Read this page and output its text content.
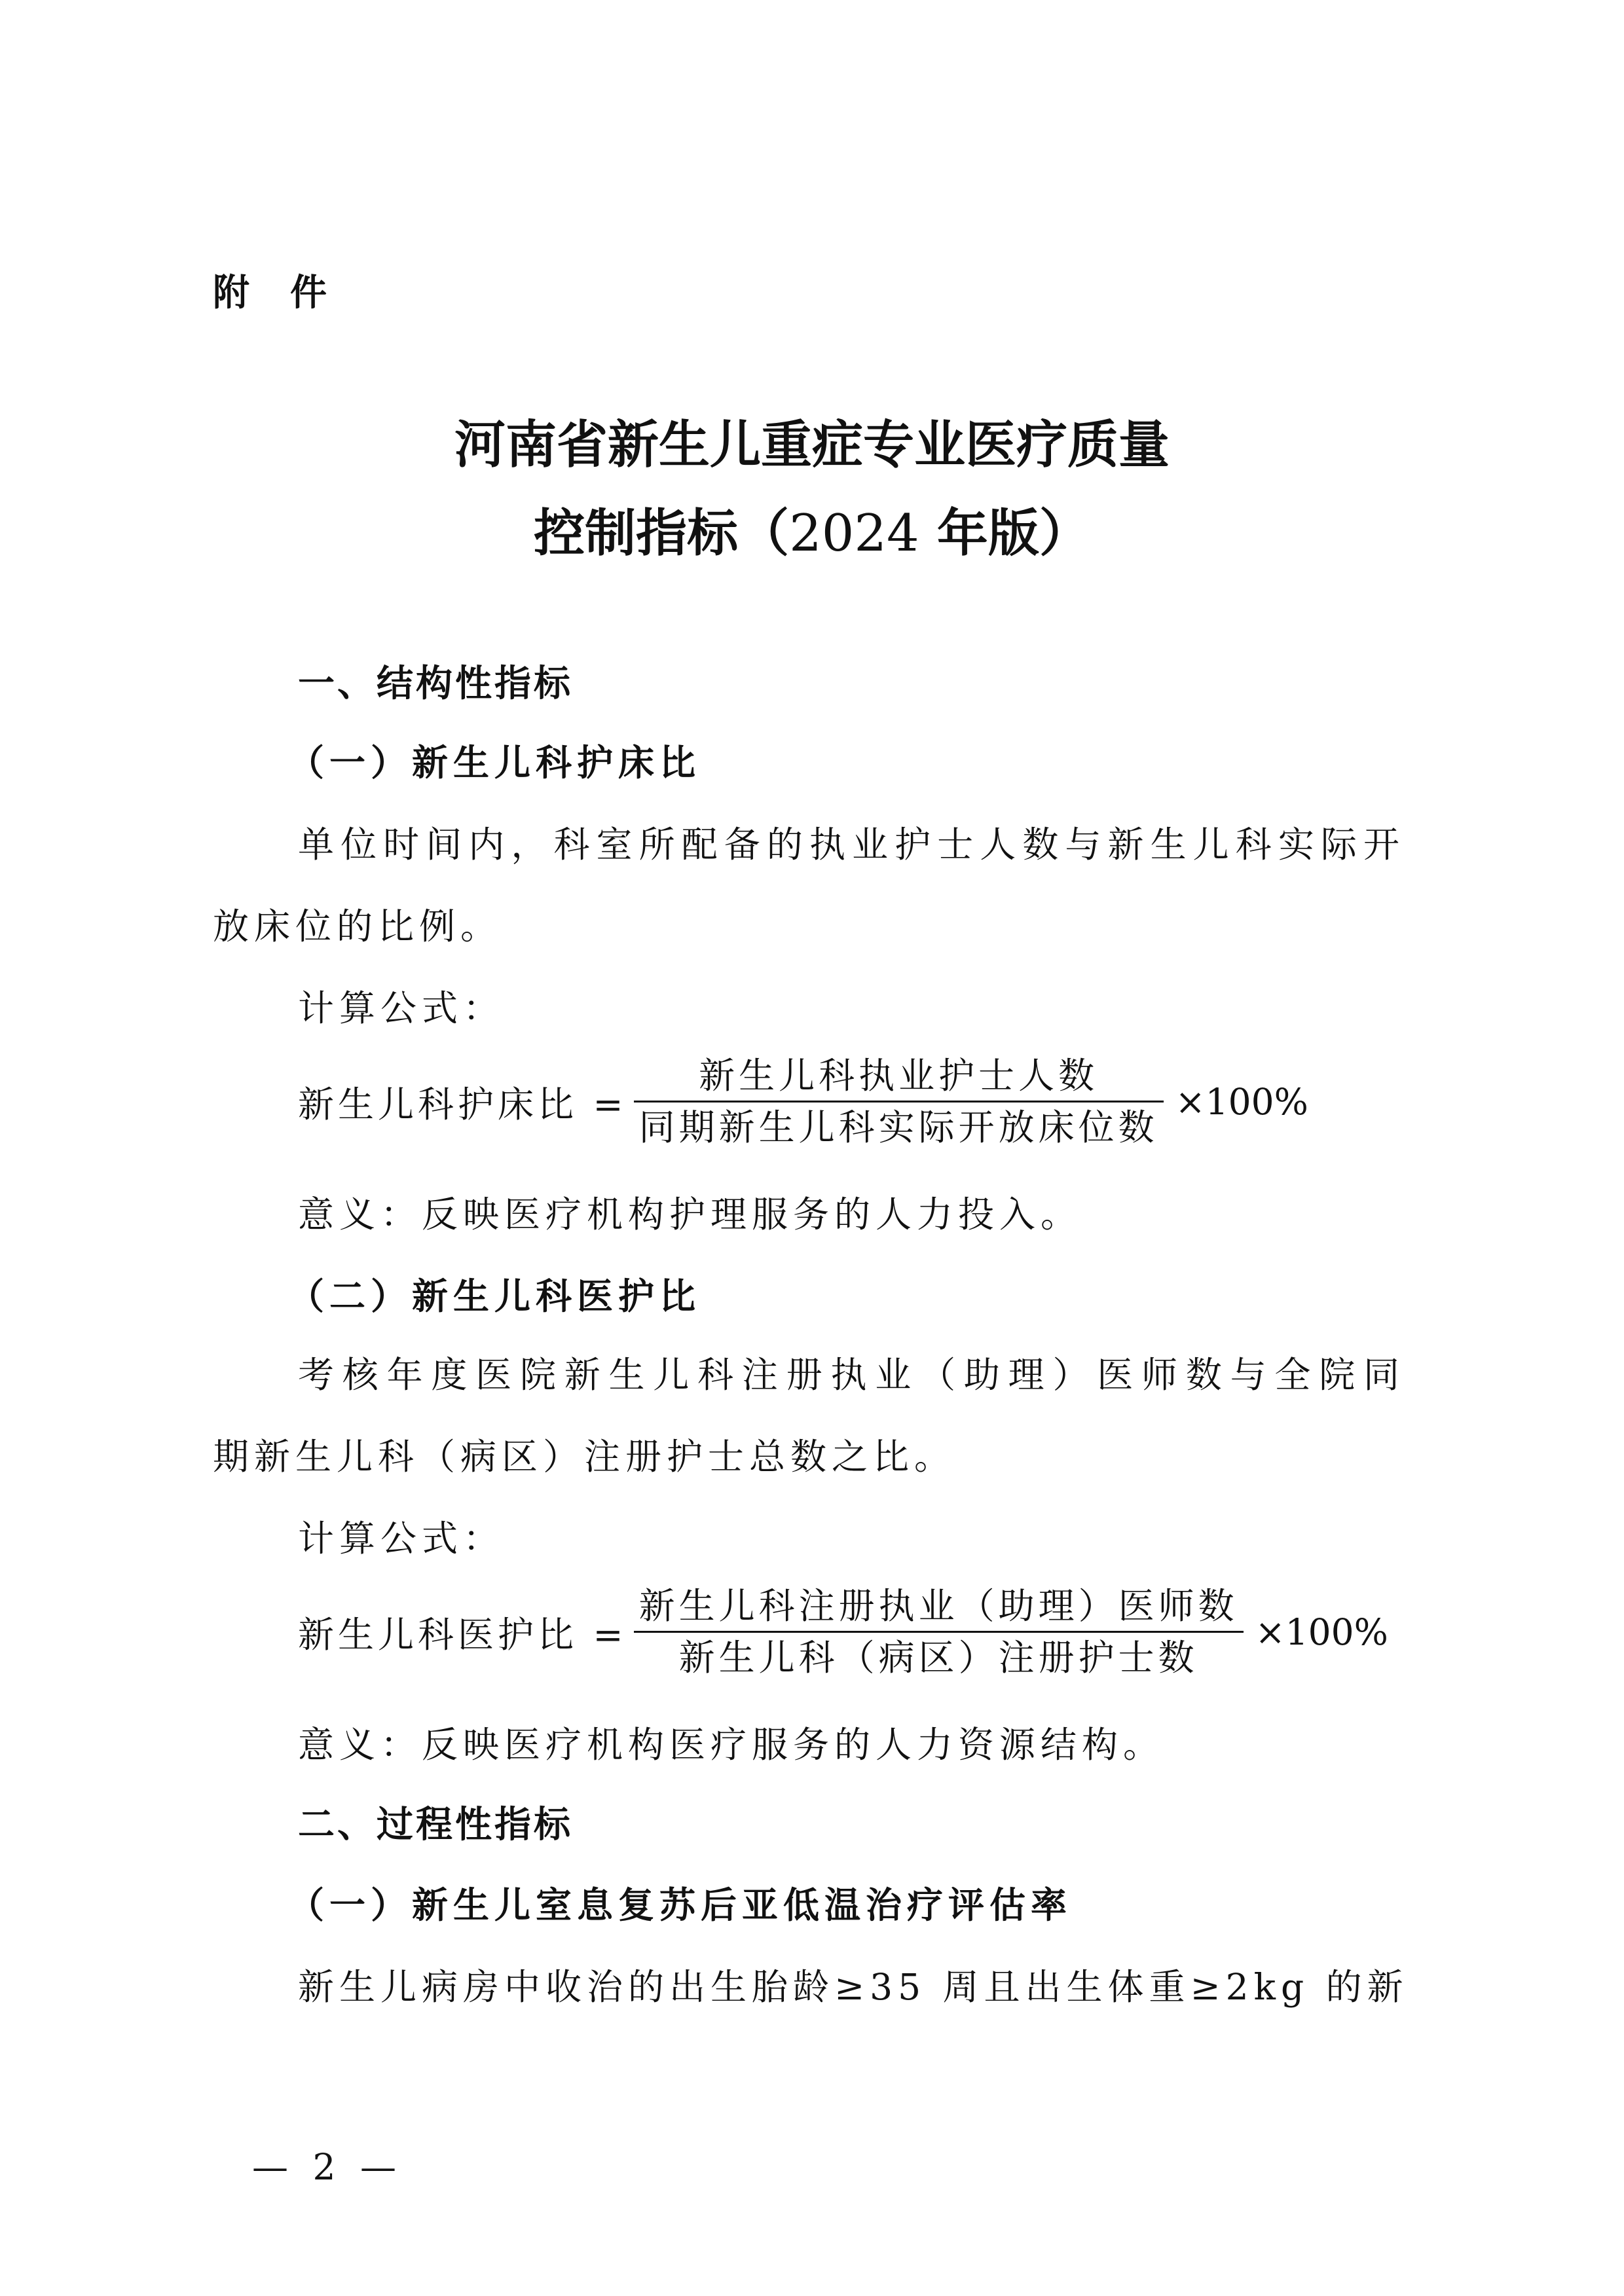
附件
河南省新生儿重症专业医疗质量
控制指标（2024 年版）
一、结构性指标
（一）新生儿科护床比
单位时间内，科室所配备的执业护士人数与新生儿科实际开
放床位的比例。
计算公式：
新生儿科护床比 = $\frac{\text{新生儿科执业护士人数}}{\text{同期新生儿科实际开放床位数}} \times 100\%$
意义：反映医疗机构护理服务的人力投入。
（二）新生儿科医护比
考核年度医院新生儿科注册执业（助理）医师数与全院同
期新生儿科（病区）注册护士总数之比。
计算公式：
新生儿科医护比 = $\frac{\text{新生儿科注册执业（助理）医师数}}{\text{新生儿科（病区）注册护士数}} \times 100\%$
意义：反映医疗机构医疗服务的人力资源结构。
二、过程性指标
（一）新生儿室息复苏后亚低温治疗评估率
新生儿病房中收治的出生胎龄≥35 周且出生体重≥2kg 的新
— 2 —
